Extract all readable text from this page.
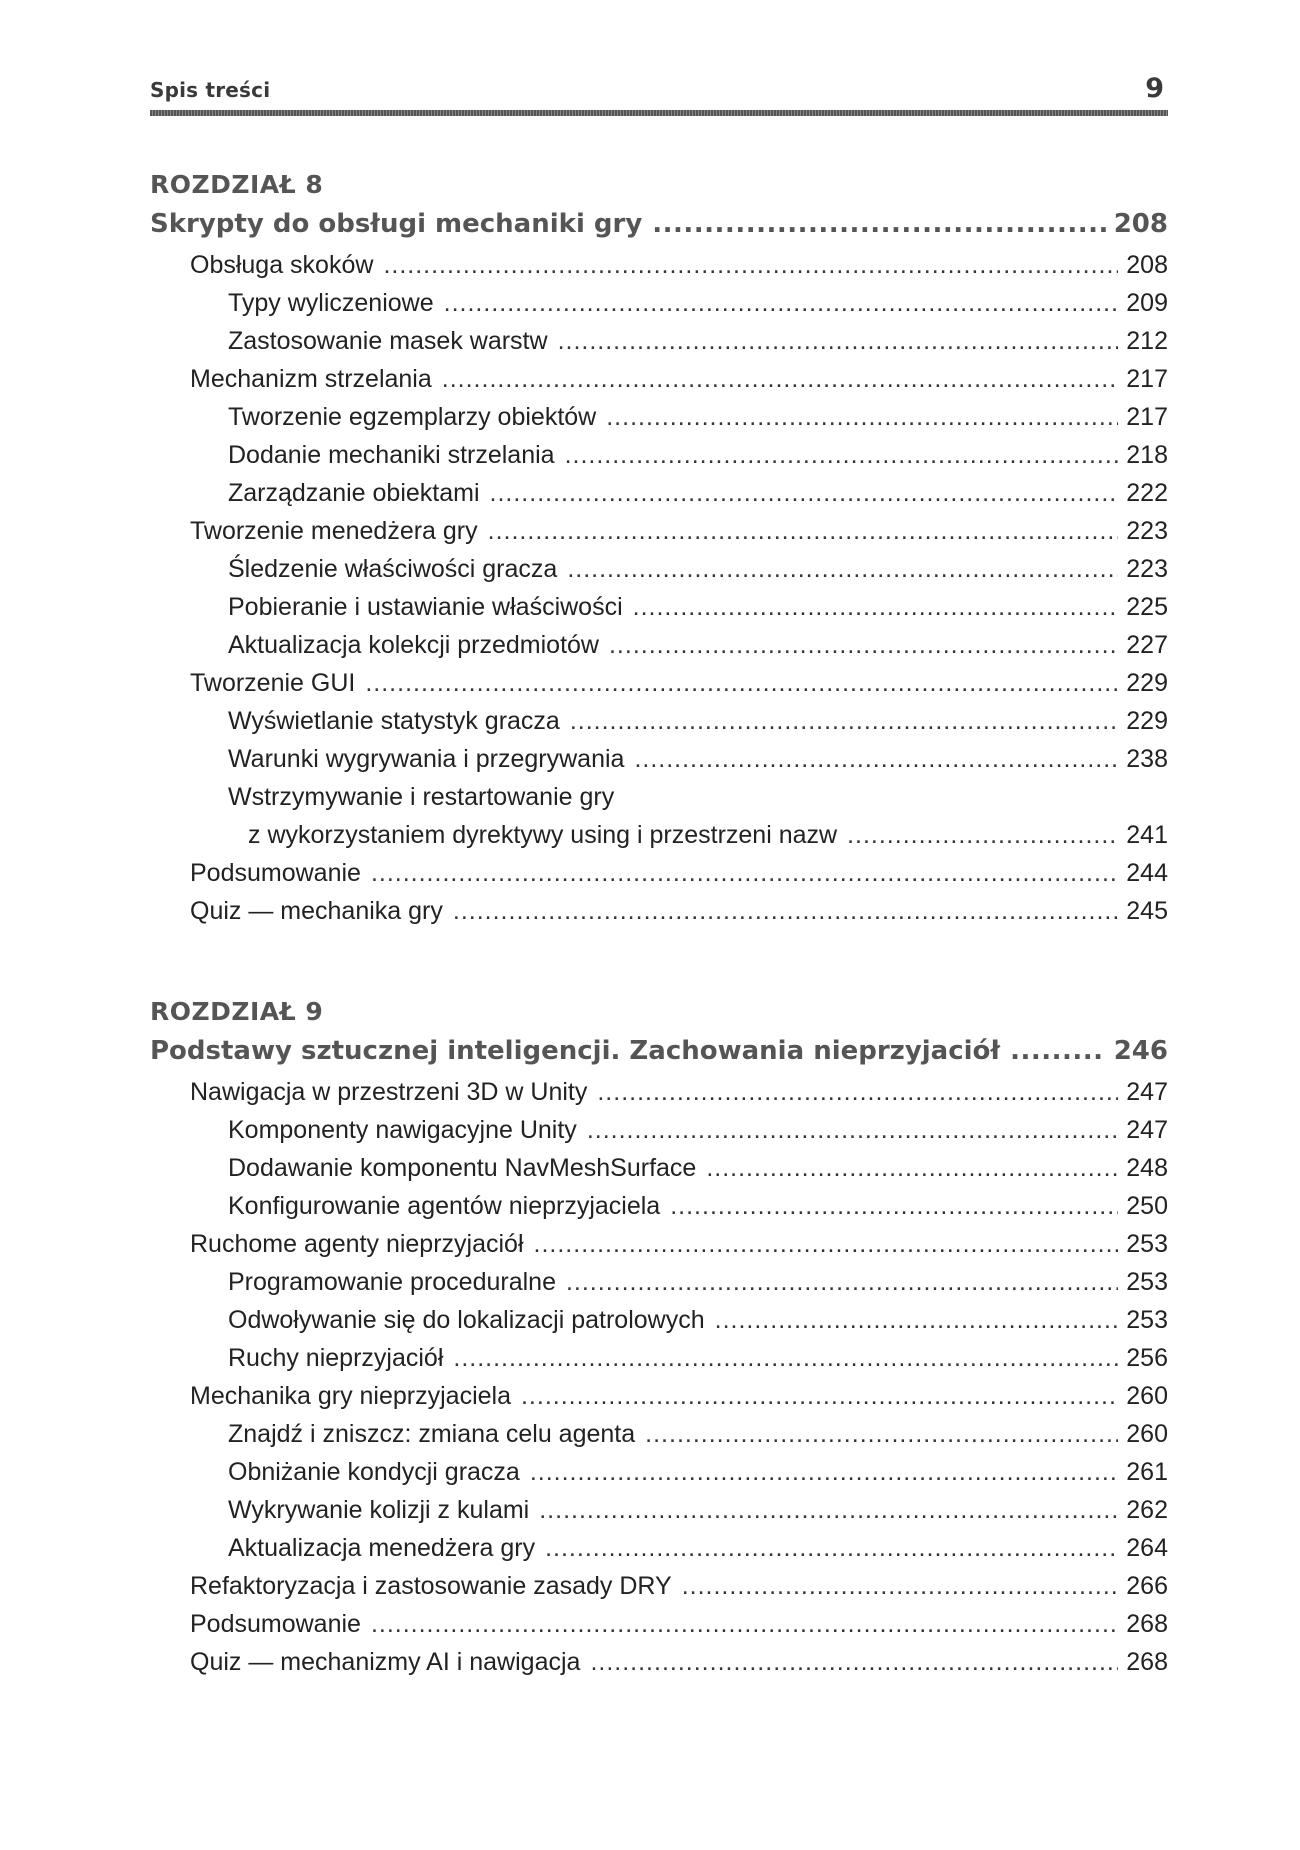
Spis treści	9
ROZDZIAŁ 8
Skrypty do obsługi mechaniki gry .....	208
Obsługa skoków .....	208
Typy wyliczeniowe .....	209
Zastosowanie masek warstw .....	212
Mechanizm strzelania .....	217
Tworzenie egzemplarzy obiektów .....	217
Dodanie mechaniki strzelania .....	218
Zarządzanie obiektami .....	222
Tworzenie menedżera gry .....	223
Śledzenie właściwości gracza .....	223
Pobieranie i ustawianie właściwości .....	225
Aktualizacja kolekcji przedmiotów .....	227
Tworzenie GUI .....	229
Wyświetlanie statystyk gracza .....	229
Warunki wygrywania i przegrywania .....	238
Wstrzymywanie i restartowanie gry
z wykorzystaniem dyrektywy using i przestrzeni nazw .....	241
Podsumowanie .....	244
Quiz — mechanika gry .....	245
ROZDZIAŁ 9
Podstawy sztucznej inteligencji. Zachowania nieprzyjaciół .....	246
Nawigacja w przestrzeni 3D w Unity .....	247
Komponenty nawigacyjne Unity .....	247
Dodawanie komponentu NavMeshSurface .....	248
Konfigurowanie agentów nieprzyjaciela .....	250
Ruchome agenty nieprzyjaciół .....	253
Programowanie proceduralne .....	253
Odwoływanie się do lokalizacji patrolowych .....	253
Ruchy nieprzyjaciół .....	256
Mechanika gry nieprzyjaciela .....	260
Znajdź i zniszcz: zmiana celu agenta .....	260
Obniżanie kondycji gracza .....	261
Wykrywanie kolizji z kulami .....	262
Aktualizacja menedżera gry .....	264
Refaktoryzacja i zastosowanie zasady DRY .....	266
Podsumowanie .....	268
Quiz — mechanizmy AI i nawigacja .....	268
